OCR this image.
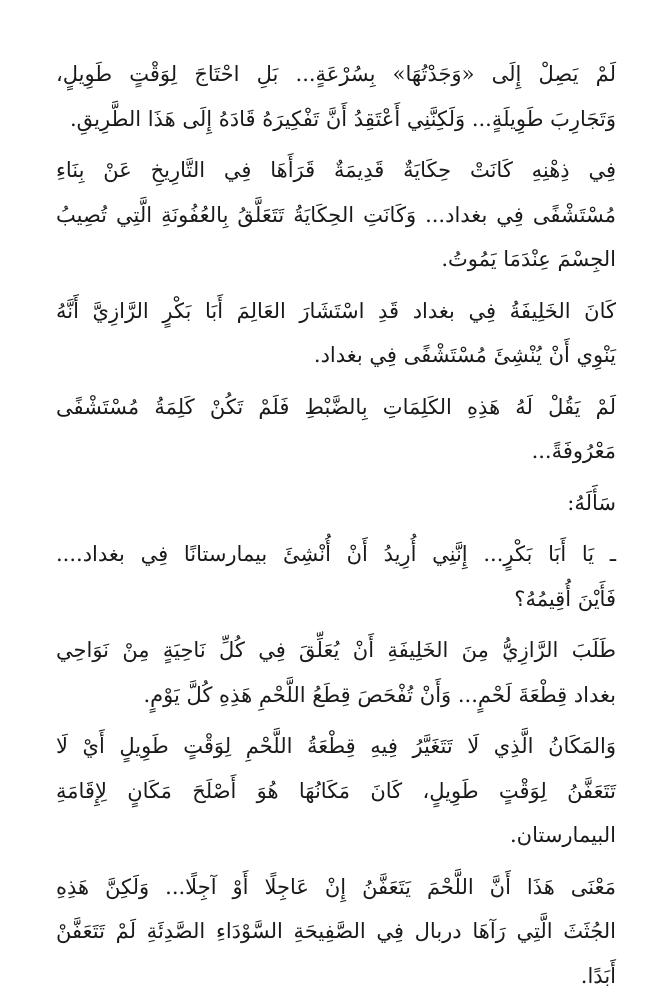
لَمْ يَصِلْ إِلَى «وَجَدْتُهَا» بِسُرْعَةٍ... بَلِ احْتَاجَ لِوَقْتٍ طَوِيلٍ،
وَتَجَارِبَ طَوِيلَةٍ... وَلَكِنَّنِي أَعْتَقِدُ أَنَّ تَفْكِيرَهُ قَادَهُ إِلَى هَذَا الطَّرِيقِ.

فِي ذِهْنِهِ كَانَتْ حِكَايَةٌ قَدِيمَةٌ قَرَأَهَا فِي التَّارِيخِ عَنْ بِنَاءِ
مُسْتَشْفًى فِي بغداد... وَكَانَتِ الحِكَايَةُ تَتَعَلَّقُ بِالعُفُونَةِ الَّتِي تُصِيبُ
الجِسْمَ عِنْدَمَا يَمُوتُ.

كَانَ الخَلِيفَةُ فِي بغداد قَدِ اسْتَشَارَ العَالِمَ أَبَا بَكْرٍ الرَّازِيَّ أَنَّهُ
يَنْوِي أَنْ يُنْشِئَ مُسْتَشْفًى فِي بغداد.

لَمْ يَقُلْ لَهُ هَذِهِ الكَلِمَاتِ بِالضَّبْطِ فَلَمْ تَكُنْ كَلِمَةُ مُسْتَشْفًى
مَعْرُوفَةً...

سَأَلَهُ:

ـ يَا أَبَا بَكْرٍ... إِنَّنِي أُرِيدُ أَنْ أُنْشِئَ بيمارستانًا فِي بغداد....
فَأَيْنَ أُقِيمُهُ؟

طَلَبَ الرَّازِيُّ مِنَ الخَلِيفَةِ أَنْ يُعَلِّقَ فِي كُلِّ نَاحِيَةٍ مِنْ نَوَاحِي
بغداد قِطْعَةَ لَحْمٍ... وَأَنْ تُفْحَصَ قِطَعُ اللَّحْمِ هَذِهِ كُلَّ يَوْمٍ.

وَالمَكَانُ الَّذِي لَا تَتَغَيَّرُ فِيهِ قِطْعَةُ اللَّحْمِ لِوَقْتٍ طَوِيلٍ أَيْ لَا
تَتَعَفَّنُ لِوَقْتٍ طَوِيلٍ، كَانَ مَكَانُهَا هُوَ أَصْلَحَ مَكَانٍ لِإِقَامَةِ
البيمارستان.

مَعْنَى هَذَا أَنَّ اللَّحْمَ يَتَعَفَّنُ إِنْ عَاجِلًا أَوْ آجِلًا... وَلَكِنَّ هَذِهِ
الجُثَثَ الَّتِي رَآهَا دربال فِي الصَّفِيحَةِ السَّوْدَاءِ الصَّدِئَةِ لَمْ تَتَعَفَّنْ
أَبَدًا.
